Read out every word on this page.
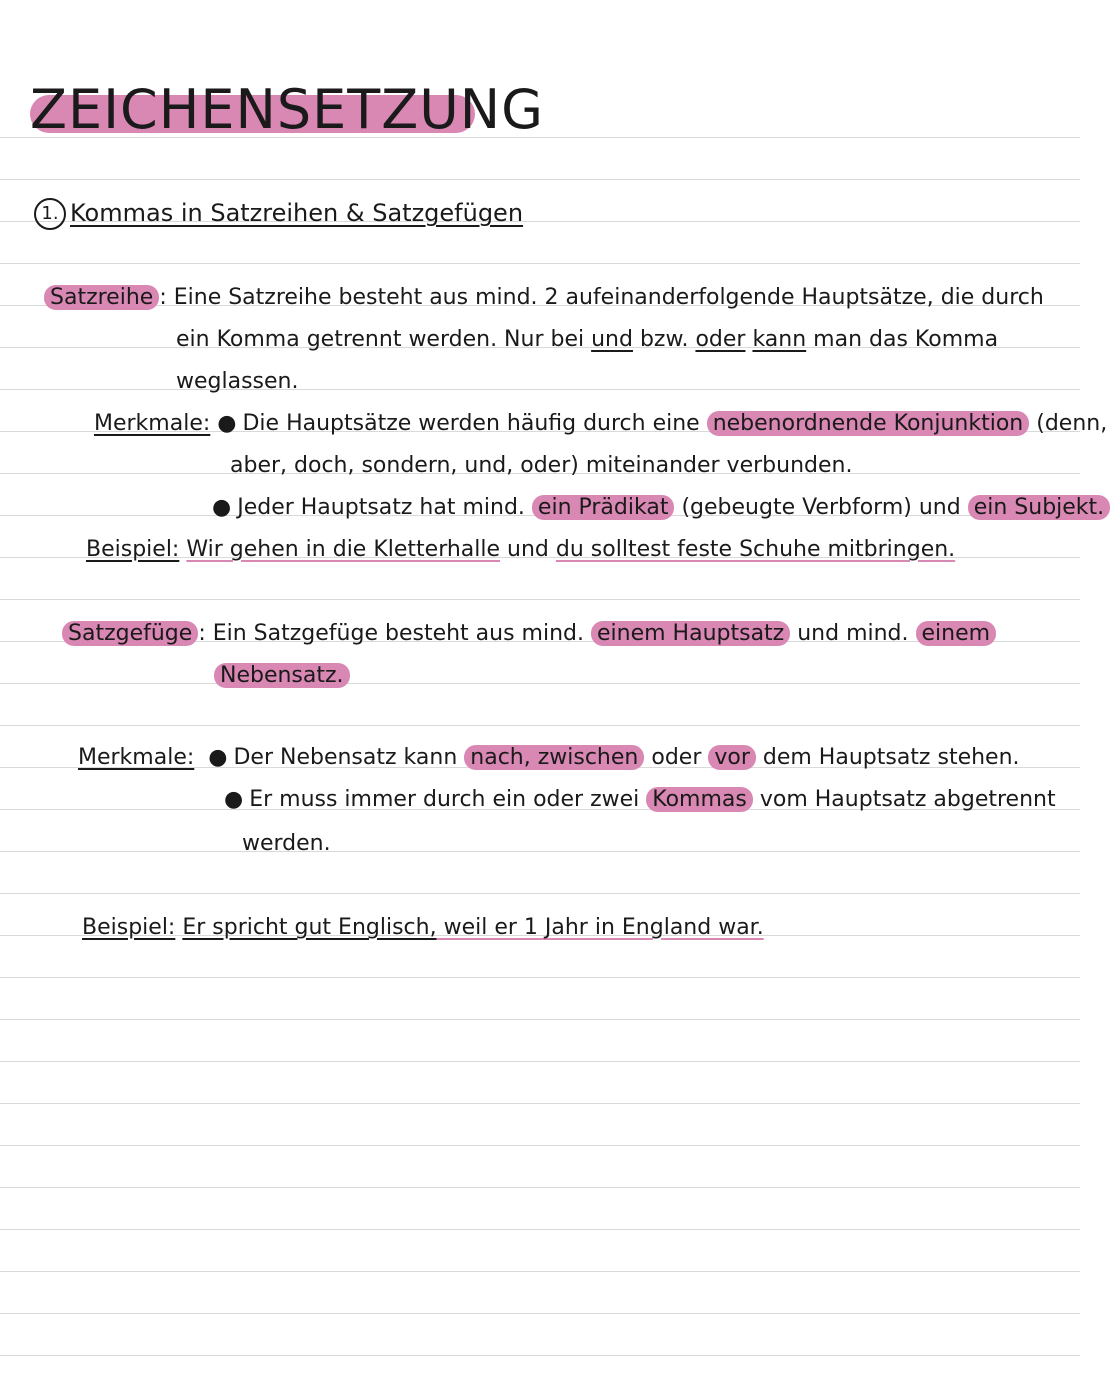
ZEICHENSETZUNG
1. Kommas in Satzreihen & Satzgefügen
Satzreihe : Eine Satzreihe besteht aus mind. 2 aufeinanderfolgende Hauptsätze, die durch
ein Komma getrennt werden. Nur bei und bzw. oder kann man das Komma
weglassen.
Merkmale: ● Die Hauptsätze werden häufig durch eine nebenordnende Konjunktion (denn,
aber, doch, sondern, und, oder) miteinander verbunden.
● Jeder Hauptsatz hat mind. ein Prädikat (gebeugte Verbform) und ein Subjekt.
Beispiel: Wir gehen in die Kletterhalle und du solltest feste Schuhe mitbringen.
Satzgefüge : Ein Satzgefüge besteht aus mind. einem Hauptsatz und mind. einem
Nebensatz.
Merkmale: ● Der Nebensatz kann nach, zwischen oder vor dem Hauptsatz stehen.
● Er muss immer durch ein oder zwei Kommas vom Hauptsatz abgetrennt
werden.
Beispiel: Er spricht gut Englisch, weil er 1 Jahr in England war.
